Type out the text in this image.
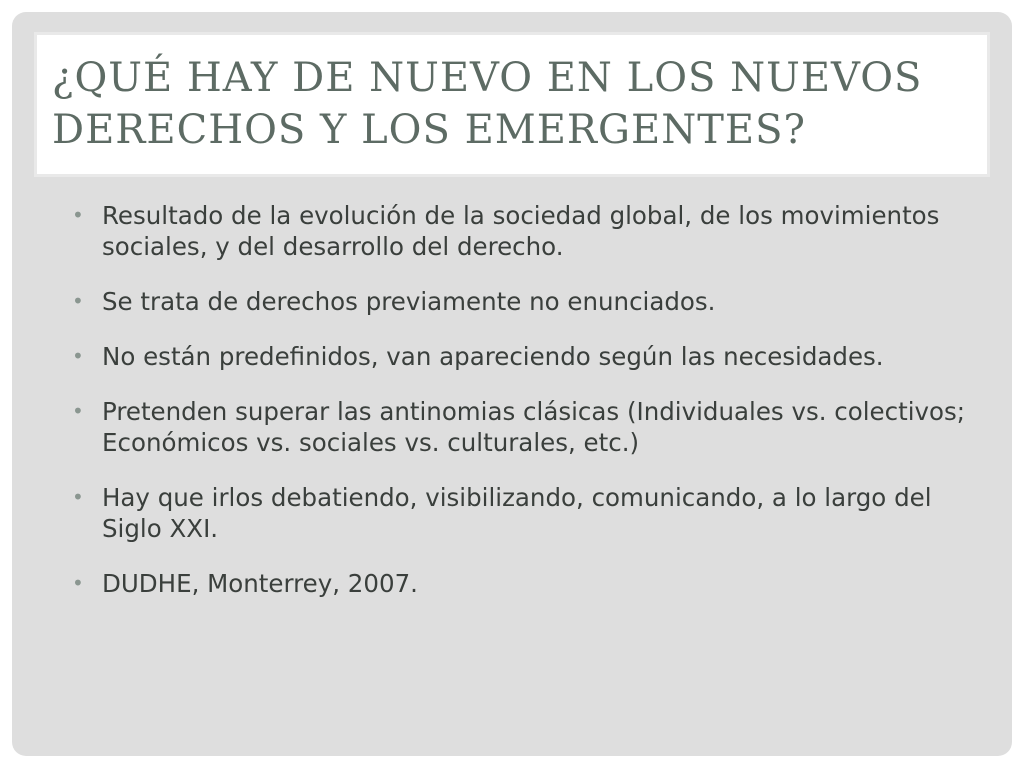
¿QUÉ HAY DE NUEVO EN LOS NUEVOS DERECHOS Y LOS EMERGENTES?
• Resultado de la evolución de la sociedad global, de los movimientos sociales, y del desarrollo del derecho.
• Se trata de derechos previamente no enunciados.
• No están predefinidos, van apareciendo según las necesidades.
• Pretenden superar las antinomias clásicas (Individuales vs. colectivos;
Económicos vs. sociales vs. culturales, etc.)
• Hay que irlos debatiendo, visibilizando, comunicando, a lo largo del Siglo XXI.
• DUDHE, Monterrey, 2007.
